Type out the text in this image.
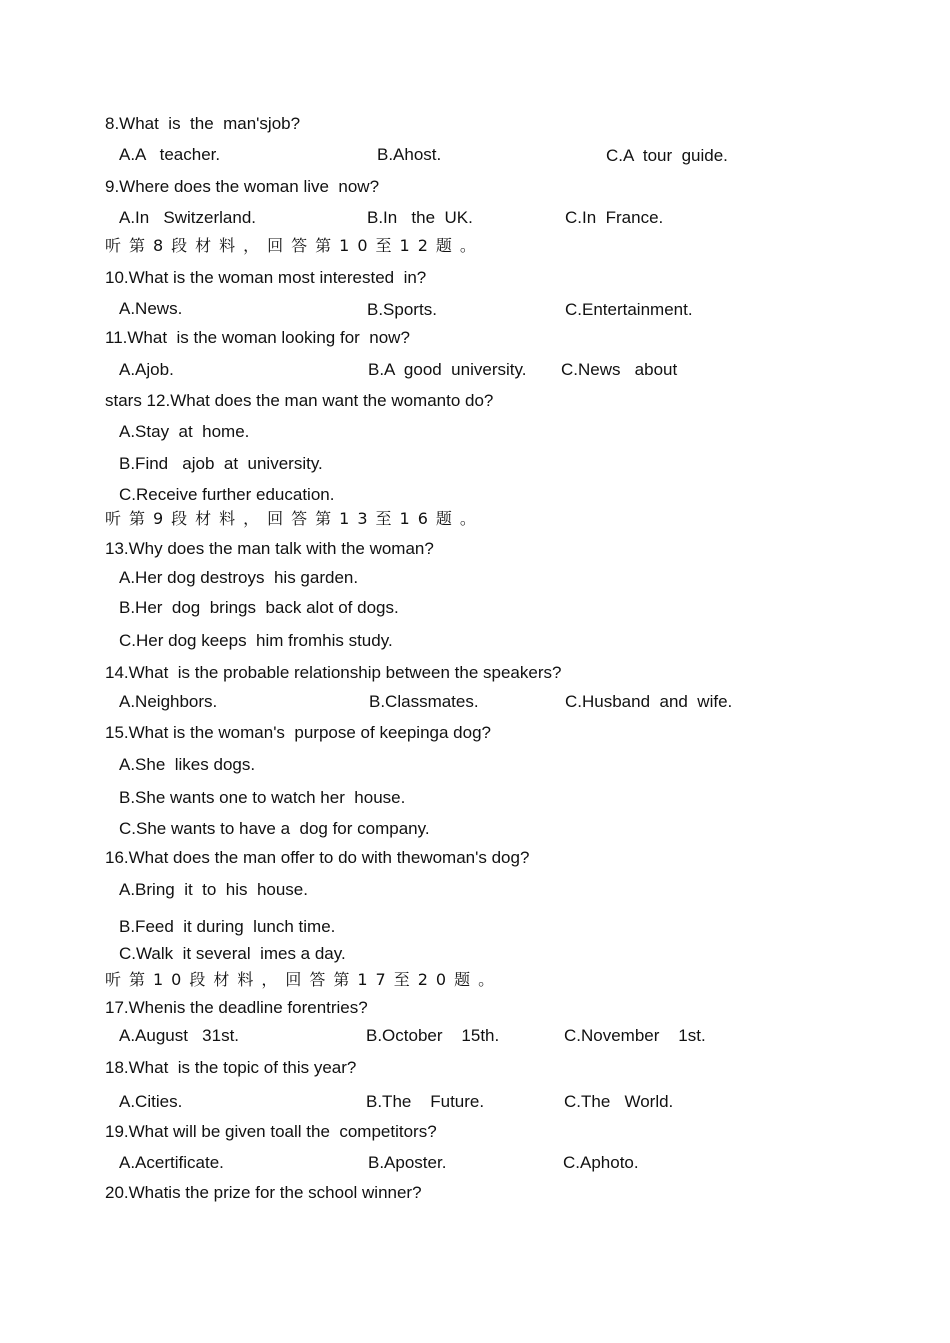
8.What  is  the  man'sjob?
A.A   teacher.	B.Ahost.	C.A  tour  guide.
9.Where does the woman live  now?
A.In   Switzerland.	B.In   the  UK.	C.In  France.
听第8段材料，回答第10至12题。
10.What is the woman most interested  in?
A.News.	B.Sports.	C.Entertainment.
11.What  is the woman looking for  now?
A.Ajob.	B.A  good  university. C.News   about
stars 12.What does the man want the womanto do?
A.Stay  at  home.
B.Find   ajob  at  university.
C.Receive further education.
听第9段材料，回答第13至16题。
13.Why does the man talk with the woman?
A.Her dog destroys  his garden.
B.Her  dog  brings  back alot of dogs.
C.Her dog keeps  him fromhis study.
14.What  is the probable relationship between the speakers?
A.Neighbors.	B.Classmates.	C.Husband  and  wife.
15.What is the woman's  purpose of keepinga dog?
A.She  likes dogs.
B.She wants one to watch her  house.
C.She wants to have a  dog for company.
16.What does the man offer to do with thewoman's dog?
A.Bring  it  to  his  house.
B.Feed  it during  lunch time.
C.Walk  it several  imes a day.
听第10段材料，回答第17至20题。
17.Whenis the deadline forentries?
A.August   31st.	B.October    15th.	C.November    1st.
18.What  is the topic of this year?
A.Cities.	B.The    Future.	C.The   World.
19.What will be given toall the  competitors?
A.Acertificate.	B.Aposter.	C.Aphoto.
20.Whatis the prize for the school winner?
